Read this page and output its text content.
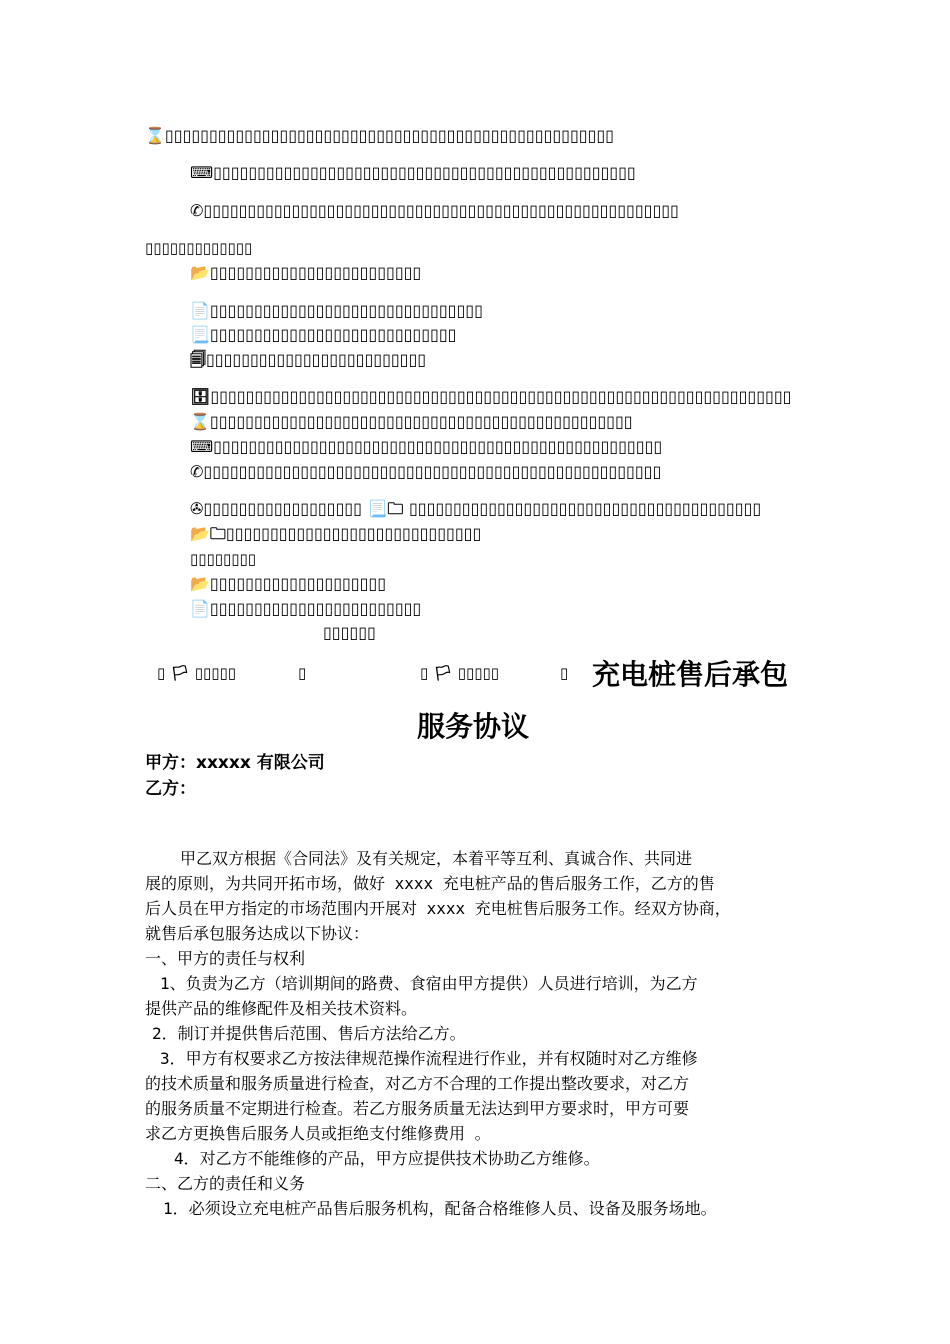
⌛▯▯▯▯▯▯▯▯▯▯▯▯▯▯▯▯▯▯▯▯▯▯▯▯▯▯▯▯▯▯▯▯▯▯▯▯▯▯▯▯▯▯▯▯▯▯▯▯▯▯▯
⌨▯▯▯▯▯▯▯▯▯▯▯▯▯▯▯▯▯▯▯▯▯▯▯▯▯▯▯▯▯▯▯▯▯▯▯▯▯▯▯▯▯▯▯▯▯▯▯▯
✆▯▯▯▯▯▯▯▯▯▯▯▯▯▯▯▯▯▯▯▯▯▯▯▯▯▯▯▯▯▯▯▯▯▯▯▯▯▯▯▯▯▯▯▯▯▯▯▯▯▯▯▯▯▯
▯▯▯▯▯▯▯▯▯▯▯▯▯
📂▯▯▯▯▯▯▯▯▯▯▯▯▯▯▯▯▯▯▯▯▯▯▯▯
📄▯▯▯▯▯▯▯▯▯▯▯▯▯▯▯▯▯▯▯▯▯▯▯▯▯▯▯▯▯▯▯
📃▯▯▯▯▯▯▯▯▯▯▯▯▯▯▯▯▯▯▯▯▯▯▯▯▯▯▯▯
🗐▯▯▯▯▯▯▯▯▯▯▯▯▯▯▯▯▯▯▯▯▯▯▯▯▯
🗄▯▯▯▯▯▯▯▯▯▯▯▯▯▯▯▯▯▯▯▯▯▯▯▯▯▯▯▯▯▯▯▯▯▯▯▯▯▯▯▯▯▯▯▯▯▯▯▯▯▯▯▯▯▯▯▯▯▯▯▯▯▯▯▯▯▯
⌛▯▯▯▯▯▯▯▯▯▯▯▯▯▯▯▯▯▯▯▯▯▯▯▯▯▯▯▯▯▯▯▯▯▯▯▯▯▯▯▯▯▯▯▯▯▯▯▯
⌨▯▯▯▯▯▯▯▯▯▯▯▯▯▯▯▯▯▯▯▯▯▯▯▯▯▯▯▯▯▯▯▯▯▯▯▯▯▯▯▯▯▯▯▯▯▯▯▯▯▯▯
✆▯▯▯▯▯▯▯▯▯▯▯▯▯▯▯▯▯▯▯▯▯▯▯▯▯▯▯▯▯▯▯▯▯▯▯▯▯▯▯▯▯▯▯▯▯▯▯▯▯▯▯▯
✇▯▯▯▯▯▯▯▯▯▯▯▯▯▯▯▯▯▯ 📃🗀 ▯▯▯▯▯▯▯▯▯▯▯▯▯▯▯▯▯▯▯▯▯▯▯▯▯▯▯▯▯▯▯▯▯▯▯▯▯▯▯▯
📂🗀▯▯▯▯▯▯▯▯▯▯▯▯▯▯▯▯▯▯▯▯▯▯▯▯▯▯▯▯▯
▯▯▯▯▯▯▯▯
📂▯▯▯▯▯▯▯▯▯▯▯▯▯▯▯▯▯▯▯▯
📄▯▯▯▯▯▯▯▯▯▯▯▯▯▯▯▯▯▯▯▯▯▯▯▯
▯▯▯▯▯▯
▯ 🏳 ▯▯▯▯▯	▯	▯ 🏳 ▯▯▯▯▯	▯ 充电桩售后承包
服务协议
甲方：xxxxx 有限公司
乙方：
甲乙双方根据《合同法》及有关规定，本着平等互利、真诚合作、共同进
展的原则，为共同开拓市场，做好 xxxx 充电桩产品的售后服务工作，乙方的售
后人员在甲方指定的市场范围内开展对 xxxx 充电桩售后服务工作。经双方协商，
就售后承包服务达成以下协议：
一、甲方的责任与权利
1、负责为乙方（培训期间的路费、食宿由甲方提供）人员进行培训，为乙方
提供产品的维修配件及相关技术资料。
2．制订并提供售后范围、售后方法给乙方。
3．甲方有权要求乙方按法律规范操作流程进行作业，并有权随时对乙方维修
的技术质量和服务质量进行检查，对乙方不合理的工作提出整改要求，对乙方
的服务质量不定期进行检查。若乙方服务质量无法达到甲方要求时，甲方可要
求乙方更换售后服务人员或拒绝支付维修费用 。
4．对乙方不能维修的产品，甲方应提供技术协助乙方维修。
二、乙方的责任和义务
1．必须设立充电桩产品售后服务机构，配备合格维修人员、设备及服务场地。
